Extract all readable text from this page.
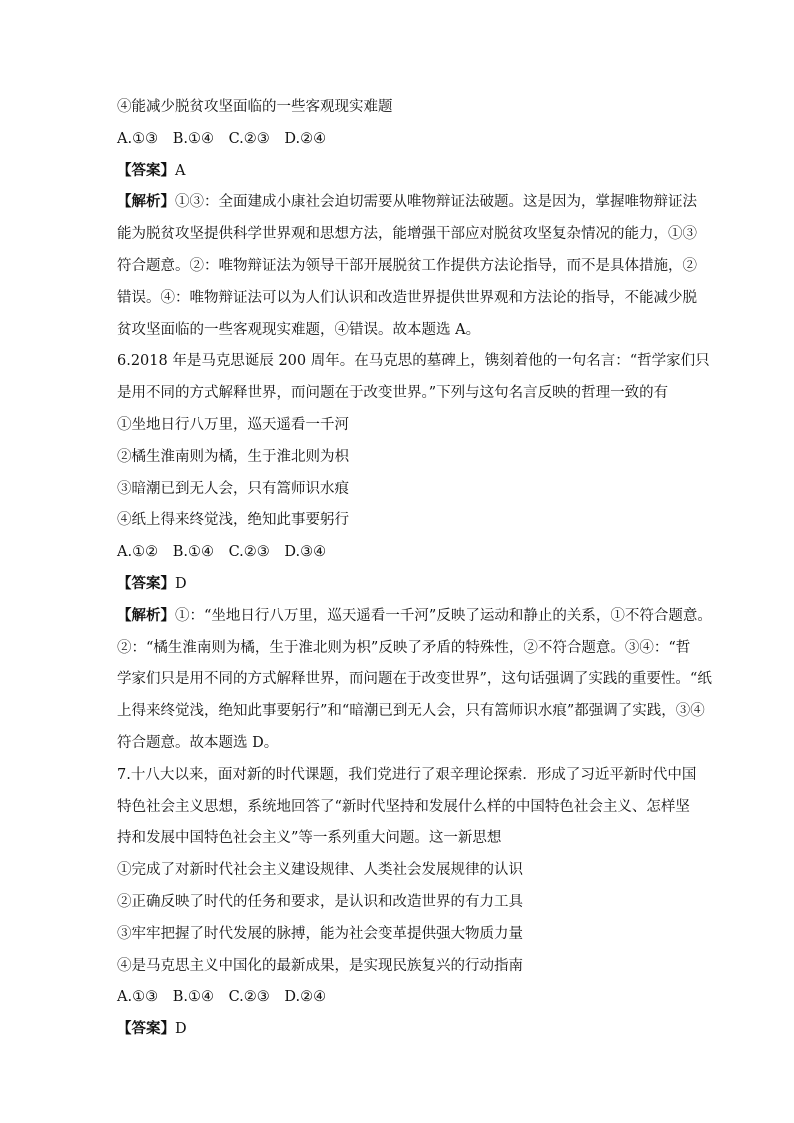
④能减少脱贫攻坚面临的一些客观现实难题
A.①③ B.①④ C.②③ D.②④
【答案】A
【解析】①③：全面建成小康社会迫切需要从唯物辩证法破题。这是因为，掌握唯物辩证法
能为脱贫攻坚提供科学世界观和思想方法，能增强干部应对脱贫攻坚复杂情况的能力，①③
符合题意。②：唯物辩证法为领导干部开展脱贫工作提供方法论指导，而不是具体措施，②
错误。④：唯物辩证法可以为人们认识和改造世界提供世界观和方法论的指导，不能减少脱
贫攻坚面临的一些客观现实难题，④错误。故本题选 A。
6.2018 年是马克思诞辰 200 周年。在马克思的墓碑上，镌刻着他的一句名言：“哲学家们只
是用不同的方式解释世界，而问题在于改变世界。”下列与这句名言反映的哲理一致的有
①坐地日行八万里，巡天遥看一千河
②橘生淮南则为橘，生于淮北则为枳
③暗潮已到无人会，只有篙师识水痕
④纸上得来终觉浅，绝知此事要躬行
A.①② B.①④ C.②③ D.③④
【答案】D
【解析】①：“坐地日行八万里，巡天遥看一千河”反映了运动和静止的关系，①不符合题意。
②：“橘生淮南则为橘，生于淮北则为枳”反映了矛盾的特殊性，②不符合题意。③④：“哲
学家们只是用不同的方式解释世界，而问题在于改变世界”，这句话强调了实践的重要性。“纸
上得来终觉浅，绝知此事要躬行”和“暗潮已到无人会，只有篙师识水痕”都强调了实践，③④
符合题意。故本题选 D。
7.十八大以来，面对新的时代课题，我们党进行了艰辛理论探索．形成了习近平新时代中国
特色社会主义思想，系统地回答了“新时代坚持和发展什么样的中国特色社会主义、怎样坚
持和发展中国特色社会主义”等一系列重大问题。这一新思想
①完成了对新时代社会主义建设规律、人类社会发展规律的认识
②正确反映了时代的任务和要求，是认识和改造世界的有力工具
③牢牢把握了时代发展的脉搏，能为社会变革提供强大物质力量
④是马克思主义中国化的最新成果，是实现民族复兴的行动指南
A.①③ B.①④ C.②③ D.②④
【答案】D
